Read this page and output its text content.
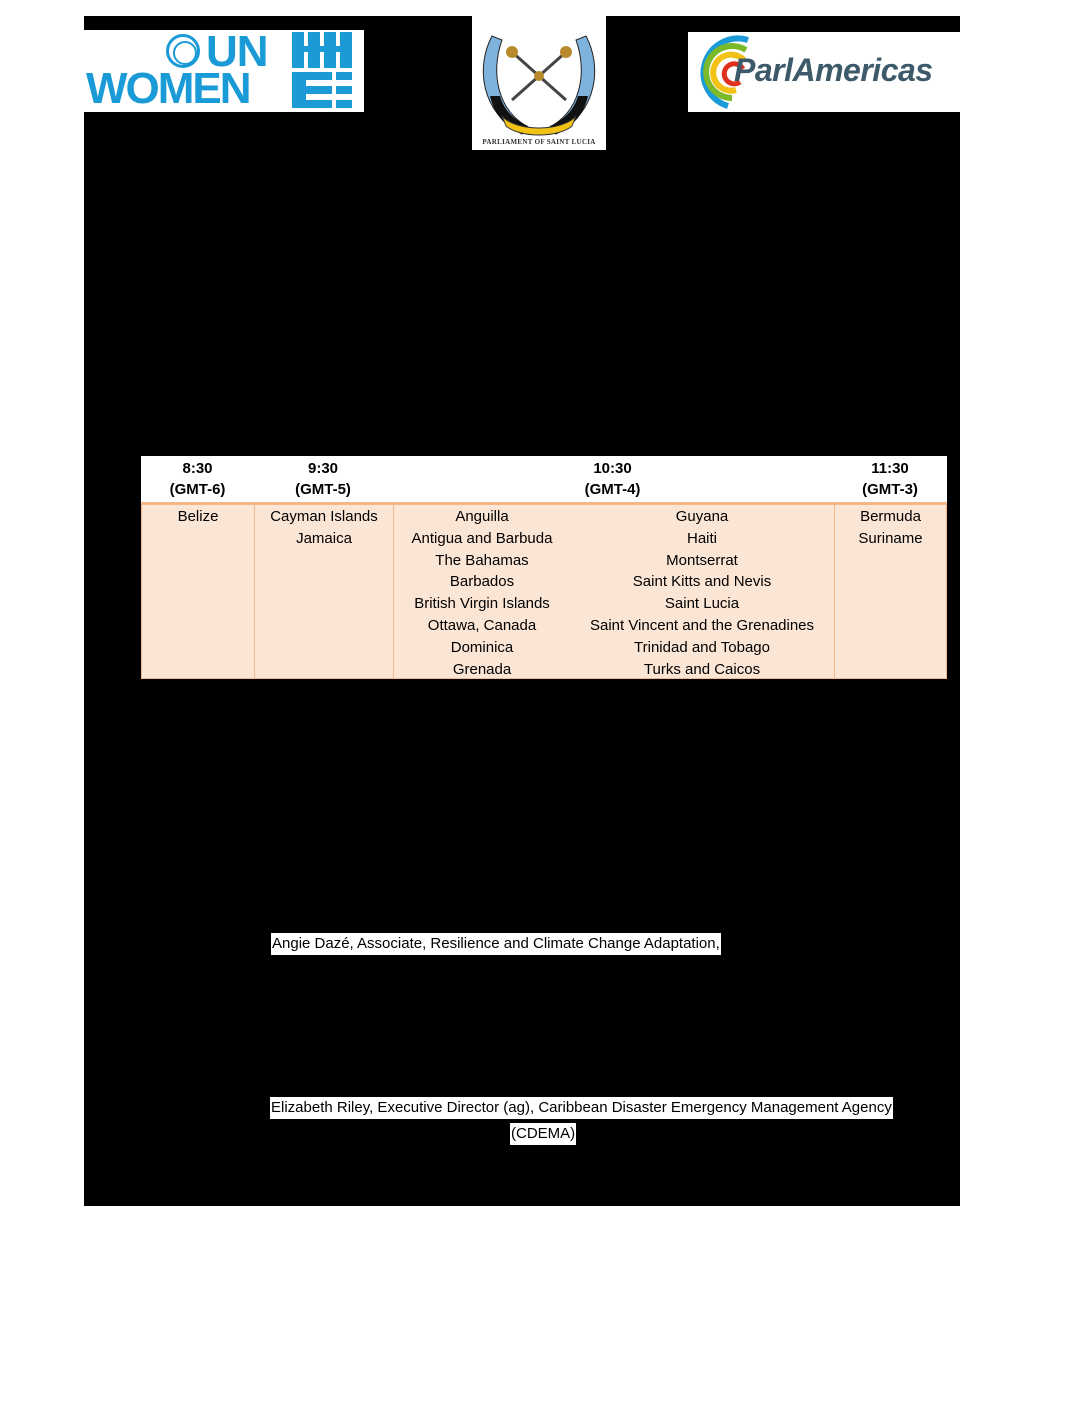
UN
WOMEN
PARLIAMENT OF SAINT LUCIA
ParlAmericas
8:30
(GMT-6)
9:30
(GMT-5)
10:30
(GMT-4)
11:30
(GMT-3)
Belize	Cayman Islands
Jamaica
Anguilla
Antigua and Barbuda
The Bahamas
Barbados
British Virgin Islands
Ottawa, Canada
Dominica
Grenada
Guyana
Haiti
Montserrat
Saint Kitts and Nevis
Saint Lucia
Saint Vincent and the Grenadines
Trinidad and Tobago
Turks and Caicos
Bermuda
Suriname
Angie Dazé, Associate, Resilience and Climate Change Adaptation,
Elizabeth Riley, Executive Director (ag), Caribbean Disaster Emergency Management Agency
(CDEMA)
